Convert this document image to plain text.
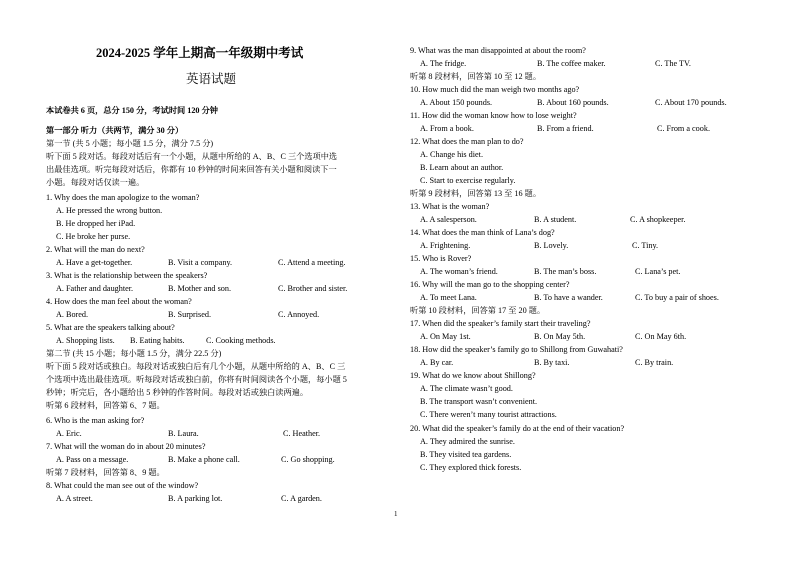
2024-2025 学年上期高一年级期中考试
英语试题
本试卷共 6 页，总分 150 分，考试时间 120 分钟
第一部分 听力（共两节，满分 30 分）
第一节 (共 5 小题；每小题 1.5 分，满分 7.5 分)
听下面 5 段对话。每段对话后有一个小题，从题中所给的 A、B、C 三个选项中选
出最佳选项。听完每段对话后，你都有 10 秒钟的时间来回答有关小题和阅读下一
小题。每段对话仅读一遍。
1. Why does the man apologize to the woman?
A. He pressed the wrong button.
B. He dropped her iPad.
C. He broke her purse.
2. What will the man do next?
A. Have a get-together.	B. Visit a company.	C. Attend a meeting.
3. What is the relationship between the speakers?
A. Father and daughter.	B. Mother and son.	C. Brother and sister.
4. How does the man feel about the woman?
A. Bored.	B. Surprised.	C. Annoyed.
5. What are the speakers talking about?
A. Shopping lists. B. Eating habits.	C. Cooking methods.
第二节 (共 15 小题；每小题 1.5 分，满分 22.5 分)
听下面 5 段对话或独白。每段对话或独白后有几个小题，从题中所给的 A、B、C 三
个选项中选出最佳选项。听每段对话或独白前，你将有时间阅读各个小题，每小题 5
秒钟；听完后，各小题给出 5 秒钟的作答时间。每段对话或独白读两遍。
听第 6 段材料，回答第 6、7 题。
6. Who is the man asking for?
A. Eric.	B. Laura.	C. Heather.
7. What will the woman do in about 20 minutes?
A. Pass on a message.	B. Make a phone call.	C. Go shopping.
听第 7 段材料，回答第 8、9 题。
8. What could the man see out of the window?
A. A street.	B. A parking lot.	C. A garden.
9. What was the man disappointed at about the room?
A. The fridge.	B. The coffee maker.	C. The TV.
听第 8 段材料，回答第 10 至 12 题。
10. How much did the man weigh two months ago?
A. About 150 pounds.	B. About 160 pounds.	C. About 170 pounds.
11. How did the woman know how to lose weight?
A. From a book.	B. From a friend.	C. From a cook.
12. What does the man plan to do?
A. Change his diet.
B. Learn about an author.
C. Start to exercise regularly.
听第 9 段材料，回答第 13 至 16 题。
13. What is the woman?
A. A salesperson.	B. A student.	C. A shopkeeper.
14. What does the man think of Lana’s dog?
A. Frightening.	B. Lovely.	C. Tiny.
15. Who is Rover?
A. The woman’s friend.	B. The man’s boss.	C. Lana’s pet.
16. Why will the man go to the shopping center?
A. To meet Lana.	B. To have a wander.	C. To buy a pair of shoes.
听第 10 段材料，回答第 17 至 20 题。
17. When did the speaker’s family start their traveling?
A. On May 1st.	B. On May 5th.	C. On May 6th.
18. How did the speaker’s family go to Shillong from Guwahati?
A. By car.	B. By taxi.	C. By train.
19. What do we know about Shillong?
A. The climate wasn’t good.
B. The transport wasn’t convenient.
C. There weren’t many tourist attractions.
20. What did the speaker’s family do at the end of their vacation?
A. They admired the sunrise.
B. They visited tea gardens.
C. They explored thick forests.
1
